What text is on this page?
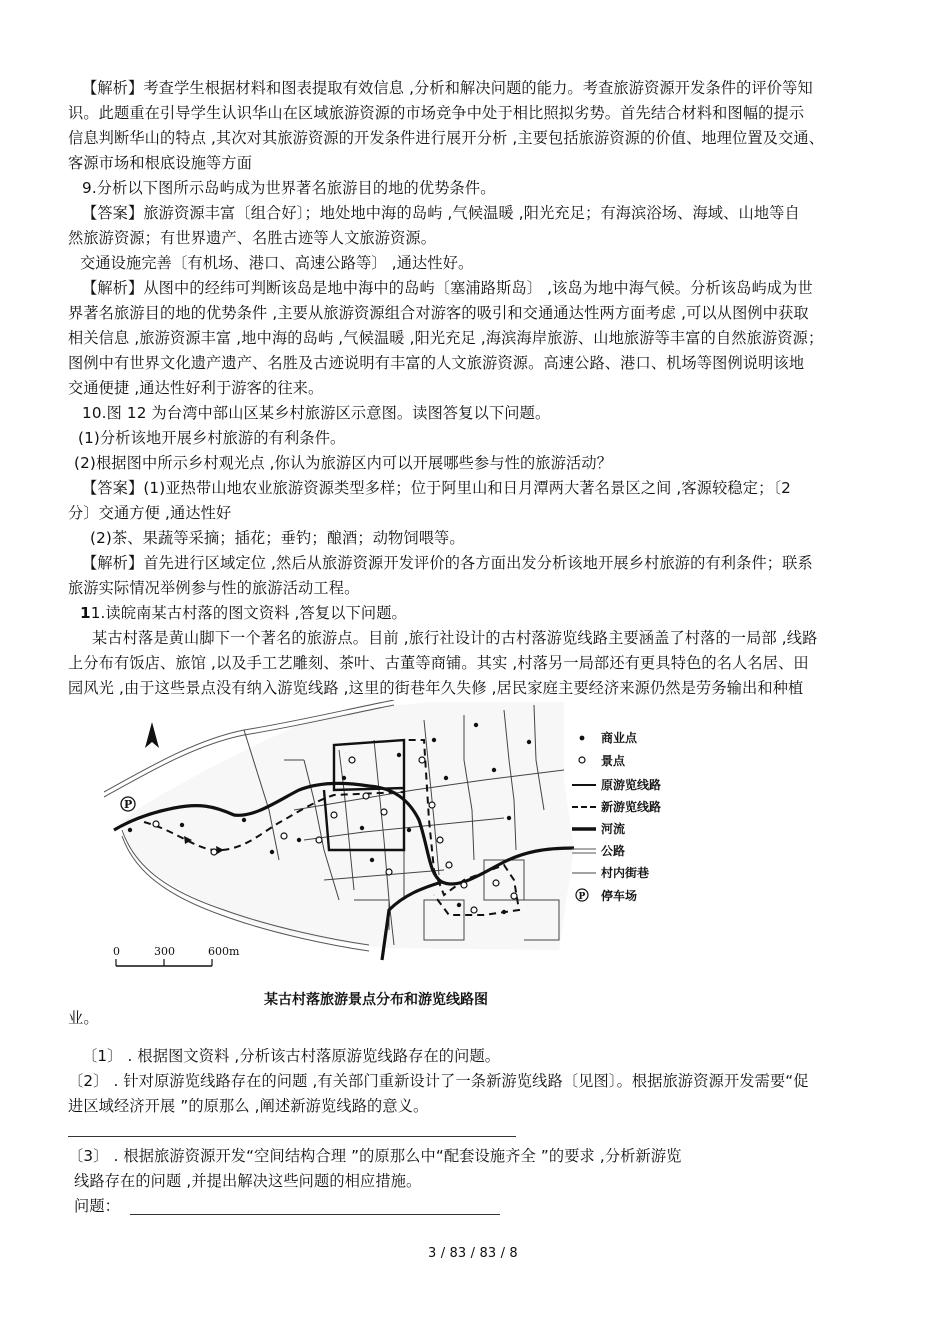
【解析】考查学生根据材料和图表提取有效信息 ,分析和解决问题的能力。考查旅游资源开发条件的评价等知
识。此题重在引导学生认识华山在区域旅游资源的市场竞争中处于相比照拟劣势。首先结合材料和图幅的提示
信息判断华山的特点 ,其次对其旅游资源的开发条件进行展开分析 ,主要包括旅游资源的价值、地理位置及交通、
客源市场和根底设施等方面
9.分析以下图所示岛屿成为世界著名旅游目的地的优势条件。
【答案】旅游资源丰富〔组合好〕；地处地中海的岛屿 ,气候温暖 ,阳光充足；有海滨浴场、海域、山地等自
然旅游资源；有世界遗产、名胜古迹等人文旅游资源。
交通设施完善〔有机场、港口、高速公路等〕 ,通达性好。
【解析】从图中的经纬可判断该岛是地中海中的岛屿〔塞浦路斯岛〕 ,该岛为地中海气候。分析该岛屿成为世
界著名旅游目的地的优势条件 ,主要从旅游资源组合对游客的吸引和交通通达性两方面考虑 ,可以从图例中获取
相关信息 ,旅游资源丰富 ,地中海的岛屿 ,气候温暖 ,阳光充足 ,海滨海岸旅游、山地旅游等丰富的自然旅游资源；
图例中有世界文化遗产遗产、名胜及古迹说明有丰富的人文旅游资源。高速公路、港口、机场等图例说明该地
交通便捷 ,通达性好利于游客的往来。
10.图 12 为台湾中部山区某乡村旅游区示意图。读图答复以下问题。
(1)分析该地开展乡村旅游的有利条件。
(2)根据图中所示乡村观光点 ,你认为旅游区内可以开展哪些参与性的旅游活动？
【答案】(1)亚热带山地农业旅游资源类型多样；位于阿里山和日月潭两大著名景区之间 ,客源较稳定；〔2
分〕交通方便 ,通达性好
(2)茶、果蔬等采摘；插花；垂钓；酿酒；动物饲喂等。
【解析】首先进行区域定位 ,然后从旅游资源开发评价的各方面出发分析该地开展乡村旅游的有利条件；联系
旅游实际情况举例参与性的旅游活动工程。
11.读皖南某古村落的图文资料 ,答复以下问题。
某古村落是黄山脚下一个著名的旅游点。目前 ,旅行社设计的古村落游览线路主要涵盖了村落的一局部 ,线路
上分布有饭店、旅馆 ,以及手工艺雕刻、茶叶、古董等商铺。其实 ,村落另一局部还有更具特色的名人名居、田
园风光 ,由于这些景点没有纳入游览线路 ,这里的街巷年久失修 ,居民家庭主要经济来源仍然是劳务输出和种植
P
0	300	600m
商业点
景点
原游览线路
新游览线路
河流
公路
村内街巷
P 停车场
某古村落旅游景点分布和游览线路图
业。
〔1〕 . 根据图文资料 ,分析该古村落原游览线路存在的问题。
〔2〕 . 针对原游览线路存在的问题 ,有关部门重新设计了一条新游览线路〔见图〕。根据旅游资源开发需要“促
进区域经济开展 ”的原那么 ,阐述新游览线路的意义。
〔3〕 . 根据旅游资源开发“空间结构合理 ”的原那么中“配套设施齐全 ”的要求 ,分析新游览
线路存在的问题 ,并提出解决这些问题的相应措施。
问题：
3 / 83 / 83 / 8
